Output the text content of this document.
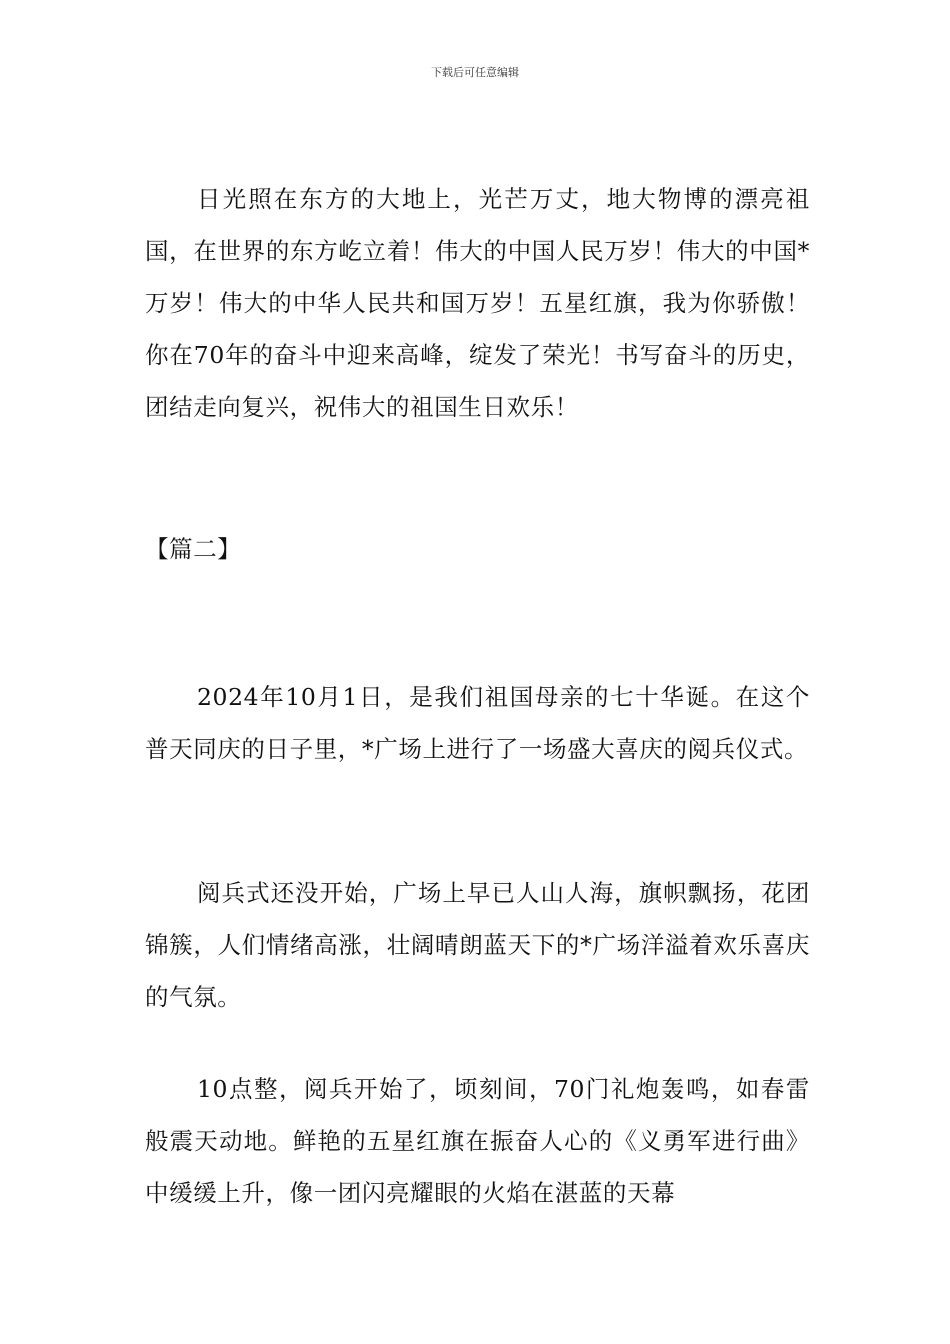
下载后可任意编辑

日光照在东方的大地上，光芒万丈，地大物博的漂亮祖国，在世界的东方屹立着！伟大的中国人民万岁！伟大的中国*万岁！伟大的中华人民共和国万岁！五星红旗，我为你骄傲！你在70年的奋斗中迎来高峰，绽发了荣光！书写奋斗的历史，团结走向复兴，祝伟大的祖国生日欢乐！

【篇二】

2024年10月1日，是我们祖国母亲的七十华诞。在这个普天同庆的日子里，*广场上进行了一场盛大喜庆的阅兵仪式。

阅兵式还没开始，广场上早已人山人海，旗帜飘扬，花团锦簇，人们情绪高涨，壮阔晴朗蓝天下的*广场洋溢着欢乐喜庆的气氛。

10点整，阅兵开始了，顷刻间，70门礼炮轰鸣，如春雷般震天动地。鲜艳的五星红旗在振奋人心的《义勇军进行曲》中缓缓上升，像一团闪亮耀眼的火焰在湛蓝的天幕
